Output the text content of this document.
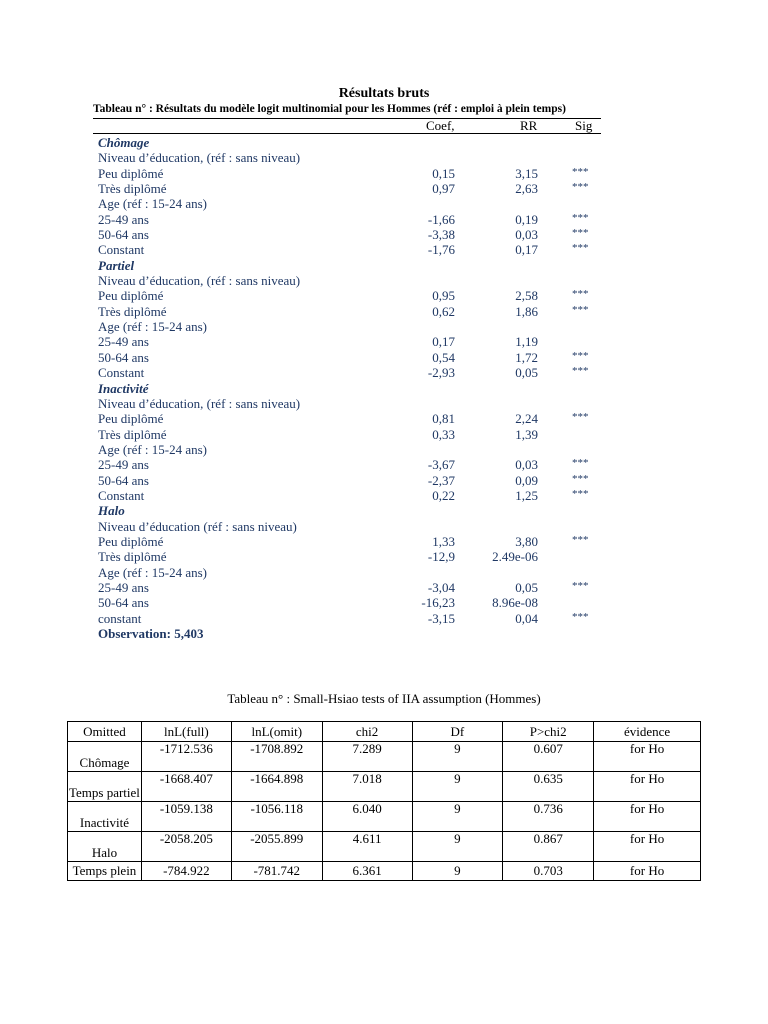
Résultats bruts
Tableau n° : Résultats du modèle logit multinomial pour les Hommes (réf : emploi à plein temps)
Coef,	RR	Sig
Chômage
Niveau d’éducation, (réf : sans niveau)
Peu diplômé	0,15	3,15	***
Très diplômé	0,97	2,63	***
Age (réf : 15-24 ans)
25-49 ans	-1,66	0,19	***
50-64 ans	-3,38	0,03	***
Constant	-1,76	0,17	***
Partiel
Niveau d’éducation, (réf : sans niveau)
Peu diplômé	0,95	2,58	***
Très diplômé	0,62	1,86	***
Age (réf : 15-24 ans)
25-49 ans	0,17	1,19
50-64 ans	0,54	1,72	***
Constant	-2,93	0,05	***
Inactivité
Niveau d’éducation, (réf : sans niveau)
Peu diplômé	0,81	2,24	***
Très diplômé	0,33	1,39
Age (réf : 15-24 ans)
25-49 ans	-3,67	0,03	***
50-64 ans	-2,37	0,09	***
Constant	0,22	1,25	***
Halo
Niveau d’éducation (réf : sans niveau)
Peu diplômé	1,33	3,80	***
Très diplômé	-12,9	2.49e-06
Age (réf : 15-24 ans)
25-49 ans	-3,04	0,05	***
50-64 ans	-16,23	8.96e-08
constant	-3,15	0,04	***
Observation: 5,403
Tableau n° : Small-Hsiao tests of IIA assumption (Hommes)
Omitted	lnL(full)	lnL(omit)	chi2	Df	P>chi2	évidence
Chômage	-1712.536	-1708.892	7.289	9	0.607	for Ho
Temps partiel	-1668.407	-1664.898	7.018	9	0.635	for Ho
Inactivité	-1059.138	-1056.118	6.040	9	0.736	for Ho
Halo	-2058.205	-2055.899	4.611	9	0.867	for Ho
Temps plein	-784.922	-781.742	6.361	9	0.703	for Ho
